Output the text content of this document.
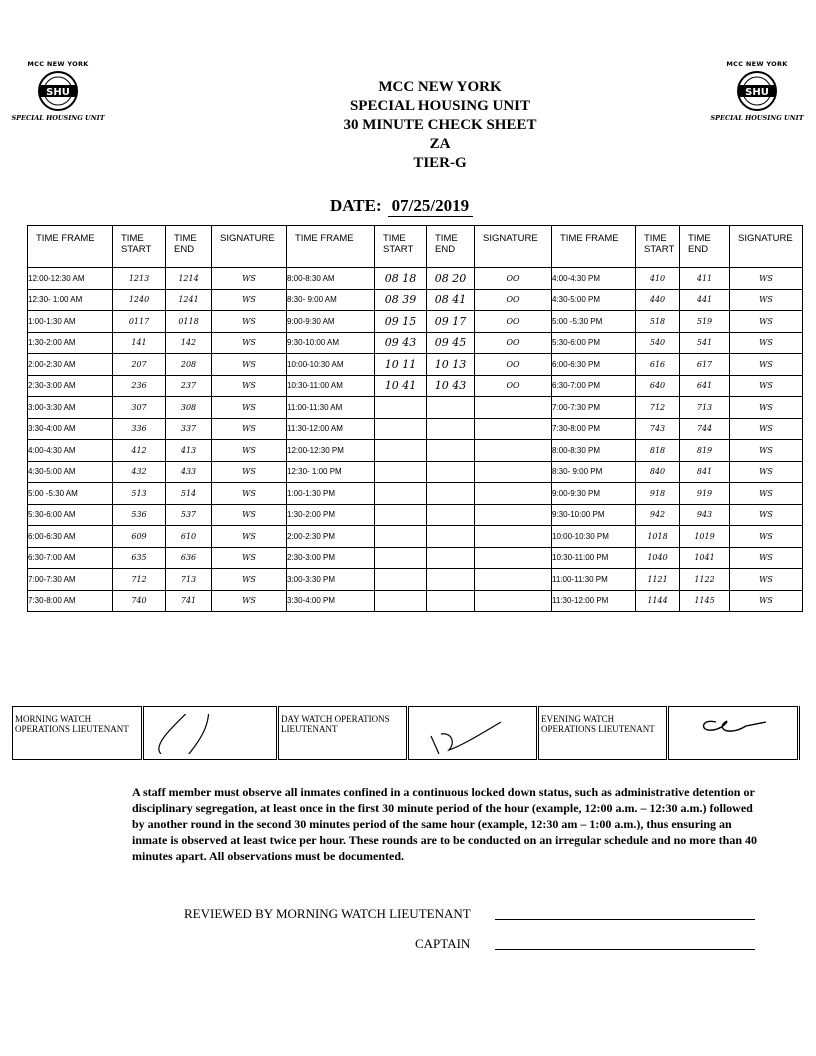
MCC NEW YORK
SHU
SPECIAL HOUSING UNIT
MCC NEW YORK
SHU
SPECIAL HOUSING UNIT
MCC NEW YORK
SPECIAL HOUSING UNIT
30 MINUTE CHECK SHEET
ZA
TIER-G
DATE: 07/25/2019
TIME FRAME	TIME START	TIME END	SIGNATURE	TIME FRAME	TIME START	TIME END	SIGNATURE	TIME FRAME	TIME START	TIME END	SIGNATURE
12:00-12:30 AM	1213	1214	WS	8:00-8:30 AM	08 18	08 20	OO	4:00-4:30 PM	410	411	WS
12:30- 1:00 AM	1240	1241	WS	8:30- 9:00 AM	08 39	08 41	OO	4:30-5:00 PM	440	441	WS
1:00-1:30 AM	0117	0118	WS	9:00-9:30 AM	09 15	09 17	OO	5:00 -5:30 PM	518	519	WS
1:30-2:00 AM	141	142	WS	9:30-10:00 AM	09 43	09 45	OO	5:30-6:00 PM	540	541	WS
2:00-2:30 AM	207	208	WS	10:00-10:30 AM	10 11	10 13	OO	6:00-6:30 PM	616	617	WS
2:30-3:00 AM	236	237	WS	10:30-11:00 AM	10 41	10 43	OO	6:30-7:00 PM	640	641	WS
3:00-3:30 AM	307	308	WS	11:00-11:30 AM				7:00-7:30 PM	712	713	WS
3:30-4:00 AM	336	337	WS	11:30-12:00 AM				7:30-8:00 PM	743	744	WS
4:00-4:30 AM	412	413	WS	12:00-12:30 PM				8:00-8:30 PM	818	819	WS
4:30-5:00 AM	432	433	WS	12:30- 1:00 PM				8:30- 9:00 PM	840	841	WS
5:00 -5:30 AM	513	514	WS	1:00-1:30 PM				9:00-9:30 PM	918	919	WS
5:30-6:00 AM	536	537	WS	1:30-2:00 PM				9:30-10:00 PM	942	943	WS
6:00-6:30 AM	609	610	WS	2:00-2:30 PM				10:00-10:30 PM	1018	1019	WS
6:30-7:00 AM	635	636	WS	2:30-3:00 PM				10:30-11:00 PM	1040	1041	WS
7:00-7:30 AM	712	713	WS	3:00-3:30 PM				11:00-11:30 PM	1121	1122	WS
7:30-8:00 AM	740	741	WS	3:30-4:00 PM				11:30-12:00 PM	1144	1145	WS
MORNING WATCH OPERATIONS LIEUTENANT		DAY WATCH OPERATIONS LIEUTENANT		EVENING WATCH OPERATIONS LIEUTENANT	
A staff member must observe all inmates confined in a continuous locked down status, such as administrative detention or disciplinary segregation, at least once in the first 30 minute period of the hour (example, 12:00 a.m. – 12:30 a.m.) followed by another round in the second 30 minutes period of the same hour (example, 12:30 am – 1:00 a.m.), thus ensuring an inmate is observed at least twice per hour. These rounds are to be conducted on an irregular schedule and no more than 40 minutes apart. All observations must be documented.
REVIEWED BY MORNING WATCH LIEUTENANT
CAPTAIN
